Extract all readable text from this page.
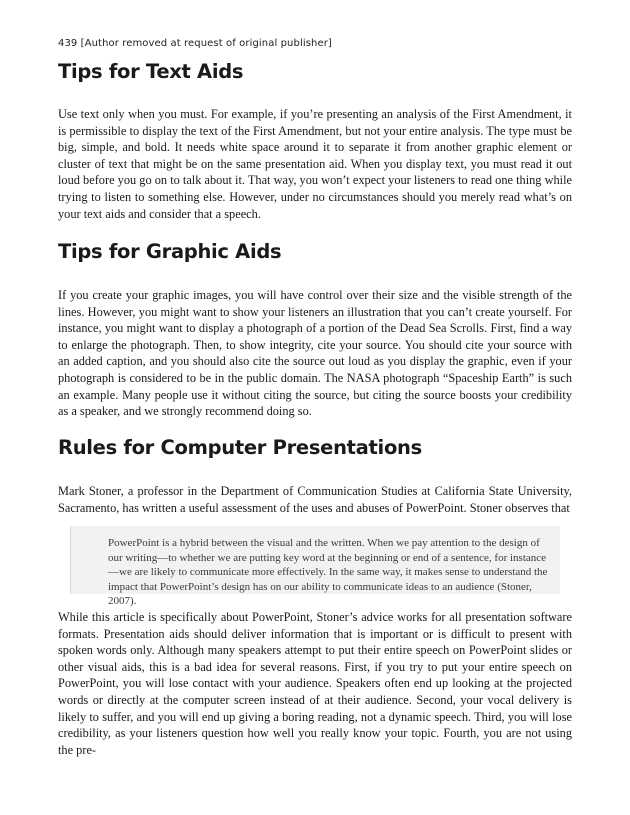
439 [Author removed at request of original publisher]
Tips for Text Aids

Use text only when you must. For example, if you’re presenting an analysis of the First Amendment, it is permissible to display the text of the First Amendment, but not your entire analysis. The type must be big, simple, and bold. It needs white space around it to separate it from another graphic element or cluster of text that might be on the same presentation aid. When you display text, you must read it out loud before you go on to talk about it. That way, you won’t expect your listeners to read one thing while trying to listen to something else. However, under no circumstances should you merely read what’s on your text aids and consider that a speech.

Tips for Graphic Aids

If you create your graphic images, you will have control over their size and the visible strength of the lines. However, you might want to show your listeners an illustration that you can’t create yourself. For instance, you might want to display a photograph of a portion of the Dead Sea Scrolls. First, find a way to enlarge the photograph. Then, to show integrity, cite your source. You should cite your source with an added caption, and you should also cite the source out loud as you display the graphic, even if your photograph is considered to be in the public domain. The NASA photograph “Spaceship Earth” is such an example. Many people use it without citing the source, but citing the source boosts your credibility as a speaker, and we strongly recommend doing so.

Rules for Computer Presentations

Mark Stoner, a professor in the Department of Communication Studies at California State University, Sacramento, has written a useful assessment of the uses and abuses of PowerPoint. Stoner observes that

PowerPoint is a hybrid between the visual and the written. When we pay attention to the design of our writing—to whether we are putting key word at the beginning or end of a sentence, for instance—we are likely to communicate more effectively. In the same way, it makes sense to understand the impact that PowerPoint’s design has on our ability to communicate ideas to an audience (Stoner, 2007).

While this article is specifically about PowerPoint, Stoner’s advice works for all presentation software formats. Presentation aids should deliver information that is important or is difficult to present with spoken words only. Although many speakers attempt to put their entire speech on PowerPoint slides or other visual aids, this is a bad idea for several reasons. First, if you try to put your entire speech on PowerPoint, you will lose contact with your audience. Speakers often end up looking at the projected words or directly at the computer screen instead of at their audience. Second, your vocal delivery is likely to suffer, and you will end up giving a boring reading, not a dynamic speech. Third, you will lose credibility, as your listeners question how well you really know your topic. Fourth, you are not using the pre-
